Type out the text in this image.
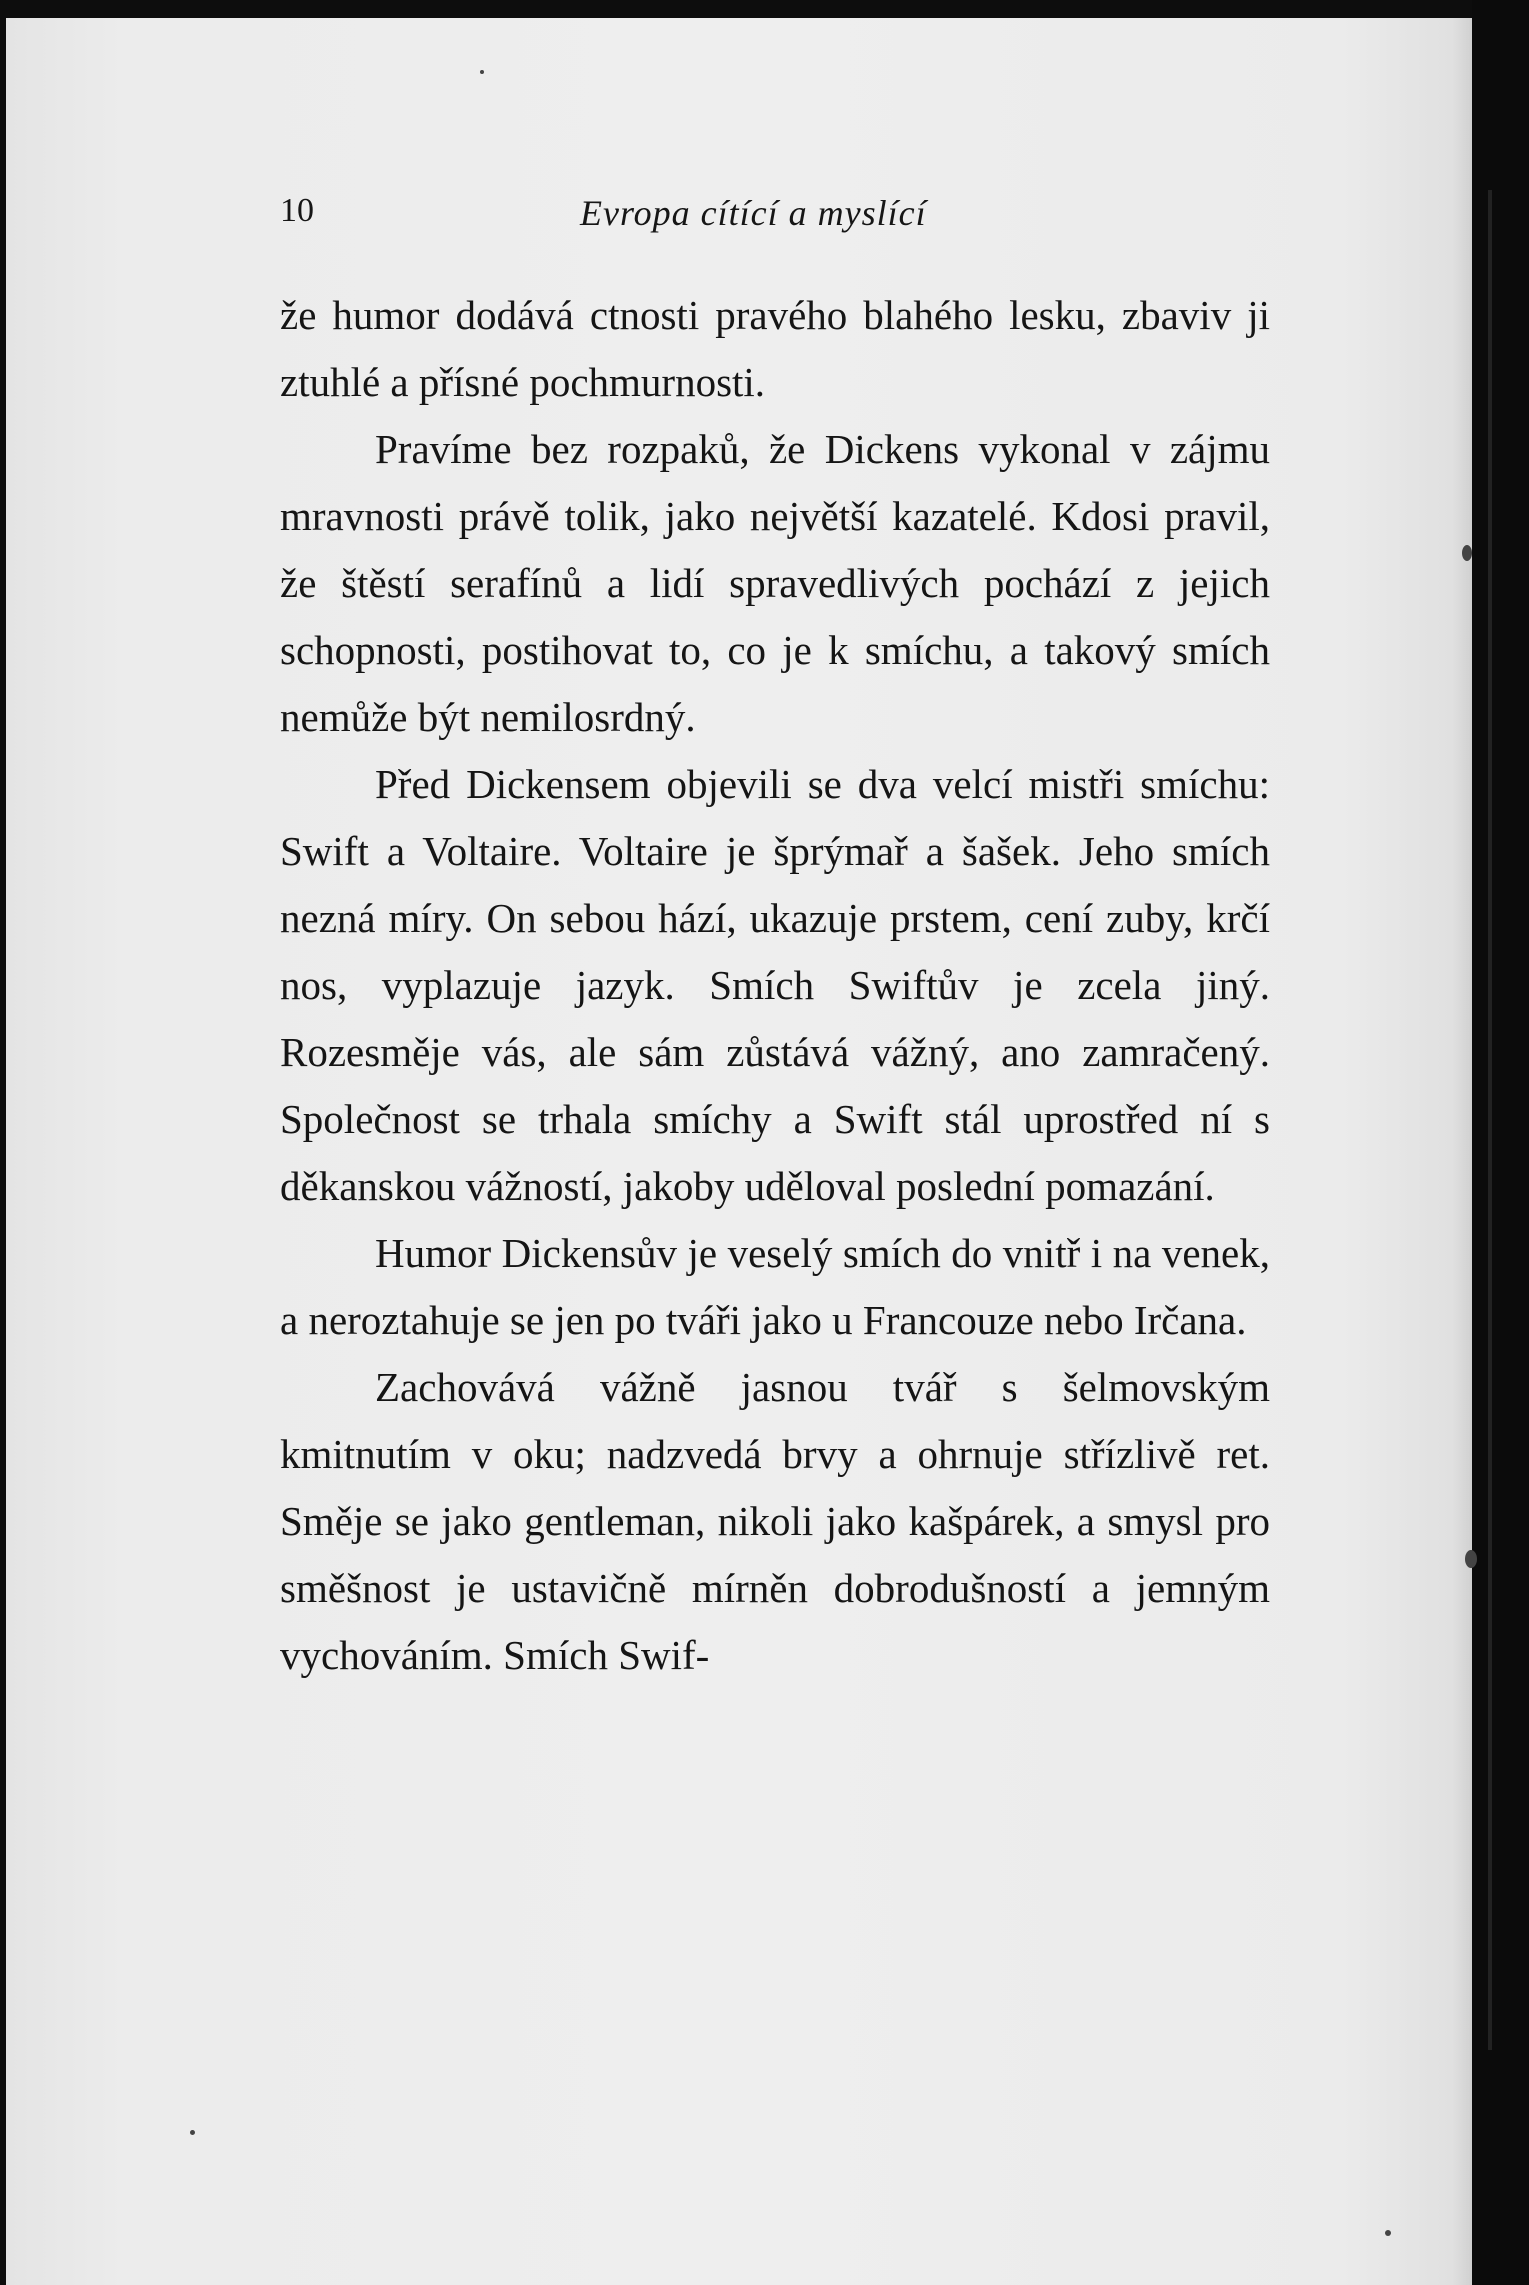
10	Evropa cítící a myslící

že humor dodává ctnosti pravého blahého lesku, zbaviv ji ztuhlé a přísné pochmurnosti.

Pravíme bez rozpaků, že Dickens vykonal v zájmu mravnosti právě tolik, jako největší kazatelé. Kdosi pravil, že štěstí serafínů a lidí spravedlivých pochází z jejich schopnosti, postihovat to, co je k smíchu, a takový smích nemůže být nemilosrdný.

Před Dickensem objevili se dva velcí mistři smíchu: Swift a Voltaire. Voltaire je šprýmař a šašek. Jeho smích nezná míry. On sebou hází, ukazuje prstem, cení zuby, krčí nos, vyplazuje jazyk. Smích Swiftův je zcela jiný. Rozesměje vás, ale sám zůstává vážný, ano zamračený. Společnost se trhala smíchy a Swift stál uprostřed ní s děkanskou vážností, jakoby uděloval poslední pomazání.

Humor Dickensův je veselý smích do vnitř i na venek, a neroztahuje se jen po tváři jako u Francouze nebo Irčana.

Zachovává vážně jasnou tvář s šelmovským kmitnutím v oku; nadzvedá brvy a ohrnuje střízlivě ret. Směje se jako gentleman, nikoli jako kašpárek, a smysl pro směšnost je ustavičně mírněn dobrodušností a jemným vychováním. Smích Swif-
